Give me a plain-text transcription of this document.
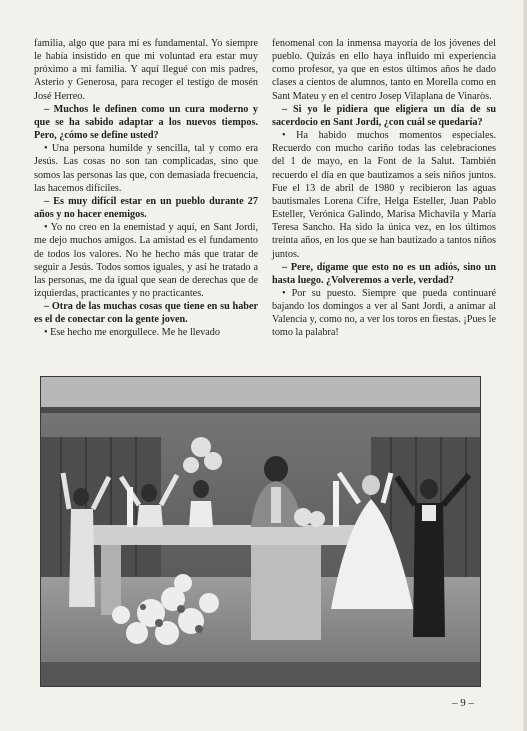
familia, algo que para mí es fundamental. Yo siempre le había insistido en que mi voluntad era estar muy próximo a mi familia. Y aquí llegué con mis padres, Asterio y Generosa, para recoger el testigo de mosén José Herreo.

– Muchos le definen como un cura moderno y que se ha sabido adaptar a los nuevos tiempos. Pero, ¿cómo se define usted?

• Una persona humilde y sencilla, tal y como era Jesús. Las cosas no son tan complicadas, sino que somos las personas las que, con demasiada frecuencia, las hacemos difíciles.

– Es muy difícil estar en un pueblo durante 27 años y no hacer enemigos.

• Yo no creo en la enemistad y aquí, en Sant Jordi, me dejo muchos amigos. La amistad es el fundamento de todos los valores. No he hecho más que tratar de seguir a Jesús. Todos somos iguales, y así he tratado a las personas, me da igual que sean de derechas que de izquierdas, practicantes y no practicantes.

– Otra de las muchas cosas que tiene en su haber es el de conectar con la gente joven.

• Ese hecho me enorgullece. Me he llevado

fenomenal con la inmensa mayoría de los jóvenes del pueblo. Quizás en ello haya influido mi experiencia como profesor, ya que en estos últimos años he dado clases a cientos de alumnos, tanto en Morella como en Sant Mateu y en el centro Josep Vilaplana de Vinaròs.

– Si yo le pidiera que eligiera un día de su sacerdocio en Sant Jordi, ¿con cuál se quedaría?

• Ha habido muchos momentos especiales. Recuerdo con mucho cariño todas las celebraciones del 1 de mayo, en la Font de la Salut. También recuerdo el día en que bautizamos a seis niños juntos. Fue el 13 de abril de 1980 y recibieron las aguas bautismales Lorena Cifre, Helga Esteller, Juan Pablo Esteller, Verónica Galindo, Marisa Michavila y María Teresa Sancho. Ha sido la única vez, en los últimos treinta años, en los que se han bautizado a tantos niños juntos.

– Pere, dígame que esto no es un adiós, sino un hasta luego. ¿Volveremos a verle, verdad?

• Por su puesto. Siempre que pueda continuaré bajando los domingos a ver al Sant Jordi, a animar al Valencia y, como no, a ver los toros en fiestas. ¡Pues le tomo la palabra!

– 9 –
